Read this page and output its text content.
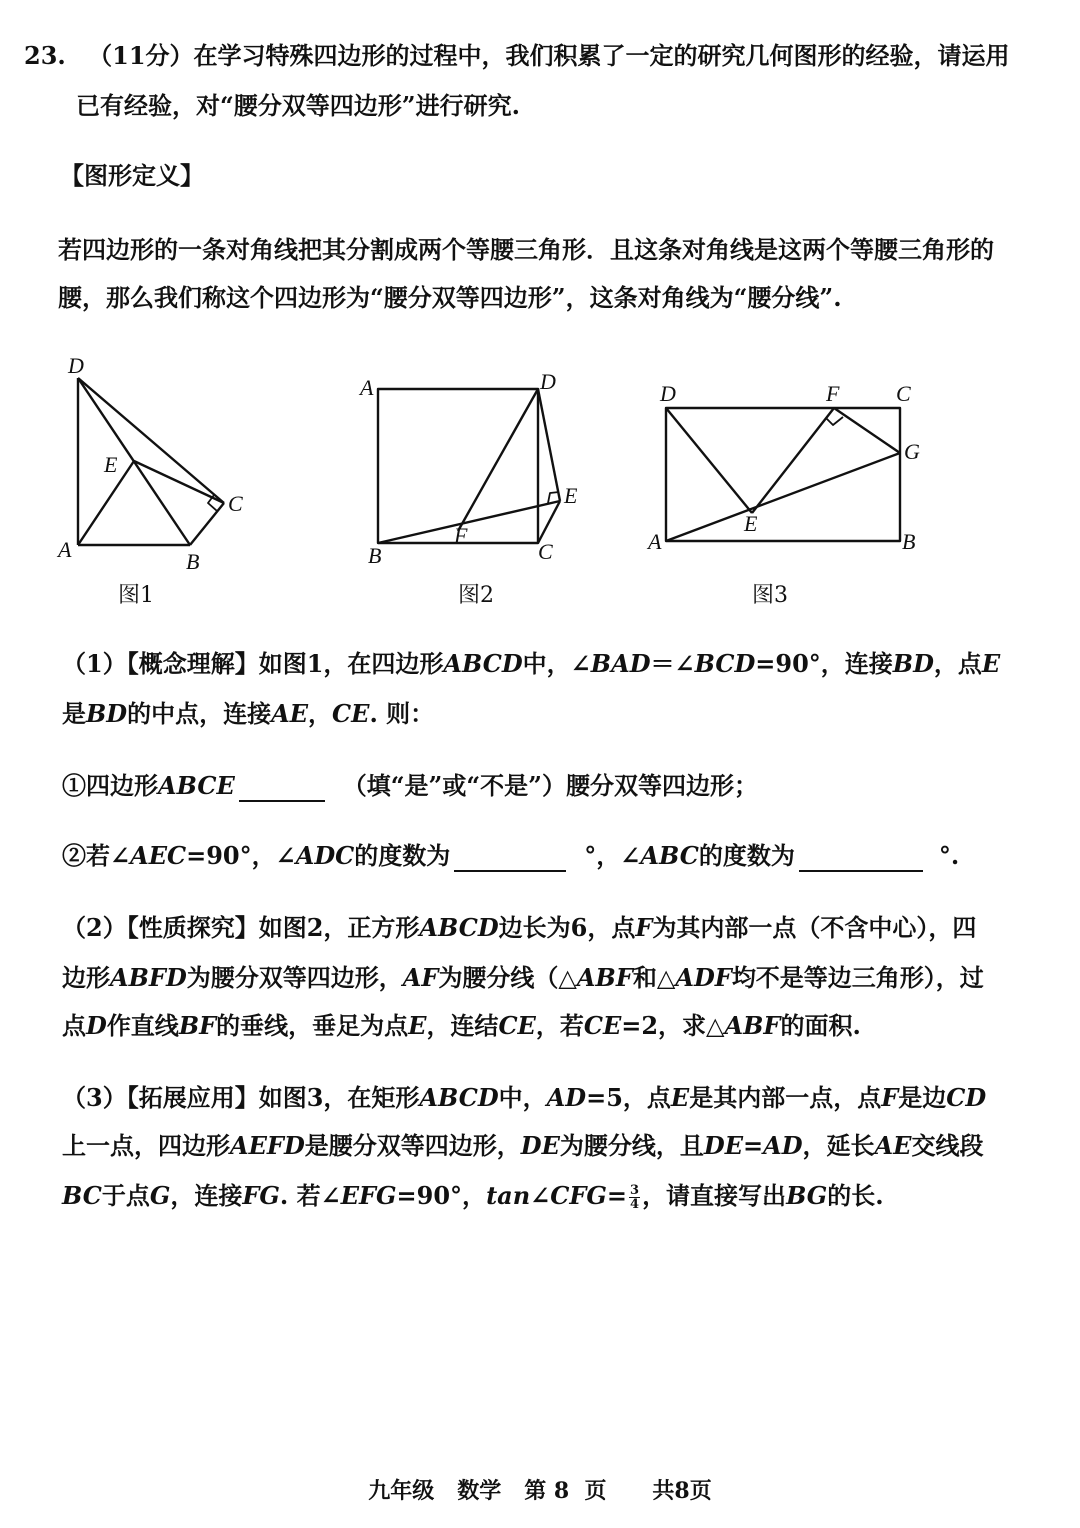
23. （11分）在学习特殊四边形的过程中，我们积累了一定的研究几何图形的经验，请运用
已有经验，对“腰分双等四边形”进行研究.
【图形定义】
若四边形的一条对角线把其分割成两个等腰三角形．且这条对角线是这两个等腰三角形的
腰，那么我们称这个四边形为“腰分双等四边形”，这条对角线为“腰分线”.
D
E
C
A	B
A	D
E
F
B	C
D	F	C
G
E
A	B
图1	图2	图3
（1）【概念理解】如图1，在四边形ABCD中，∠BAD＝∠BCD=90°，连接BD，点E
是BD的中点，连接AE，CE. 则：
①四边形ABCE	（填“是”或“不是”）腰分双等四边形；
②若∠AEC=90°，∠ADC的度数为	°，∠ABC的度数为	°.
（2）【性质探究】如图2，正方形ABCD边长为6，点F为其内部一点（不含中心），四
边形ABFD为腰分双等四边形，AF为腰分线（△ABF和△ADF均不是等边三角形），过
点D作直线BF的垂线，垂足为点E，连结CE，若CE=2，求△ABF的面积.
（3）【拓展应用】如图3，在矩形ABCD中，AD=5，点E是其内部一点，点F是边CD
上一点，四边形AEFD是腰分双等四边形，DE为腰分线，且DE=AD，延长AE交线段
BC于点G，连接FG. 若∠EFG=90°，tan∠CFG= $\frac{3}{4}$ ，请直接写出BG的长.
九年级   数学   第 8  页      共8页
